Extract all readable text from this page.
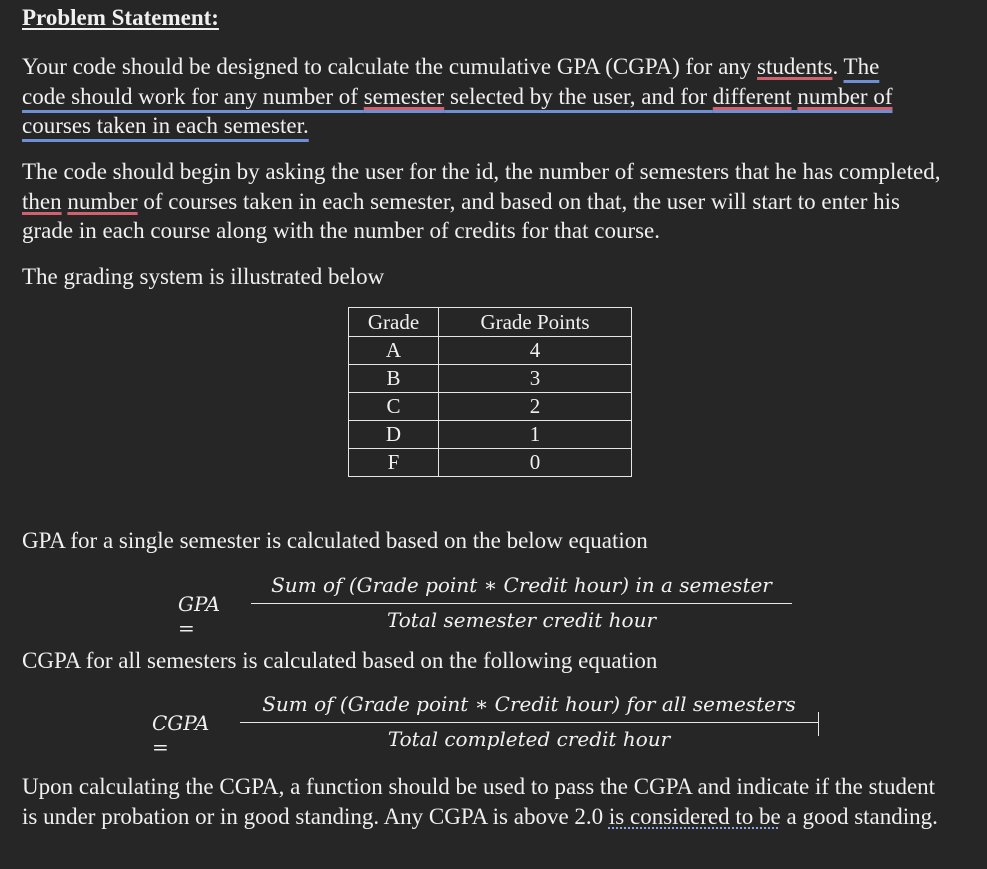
Problem Statement:

Your code should be designed to calculate the cumulative GPA (CGPA) for any students. The
code should work for any number of semester selected by the user, and for different number of
courses taken in each semester.

The code should begin by asking the user for the id, the number of semesters that he has completed, then number of courses taken in each semester, and based on that, the user will start to enter his grade in each course along with the number of credits for that course.

The grading system is illustrated below

Grade	Grade Points
A	4
B	3
C	2
D	1
F	0

GPA for a single semester is calculated based on the below equation

GPA =
Sum of (Grade point ∗ Credit hour) in a semester
Total semester credit hour

CGPA for all semesters is calculated based on the following equation

CGPA =
Sum of (Grade point ∗ Credit hour) for all semesters
Total completed credit hour

Upon calculating the CGPA, a function should be used to pass the CGPA and indicate if the student is under probation or in good standing. Any CGPA is above 2.0 is considered to be a good standing.
